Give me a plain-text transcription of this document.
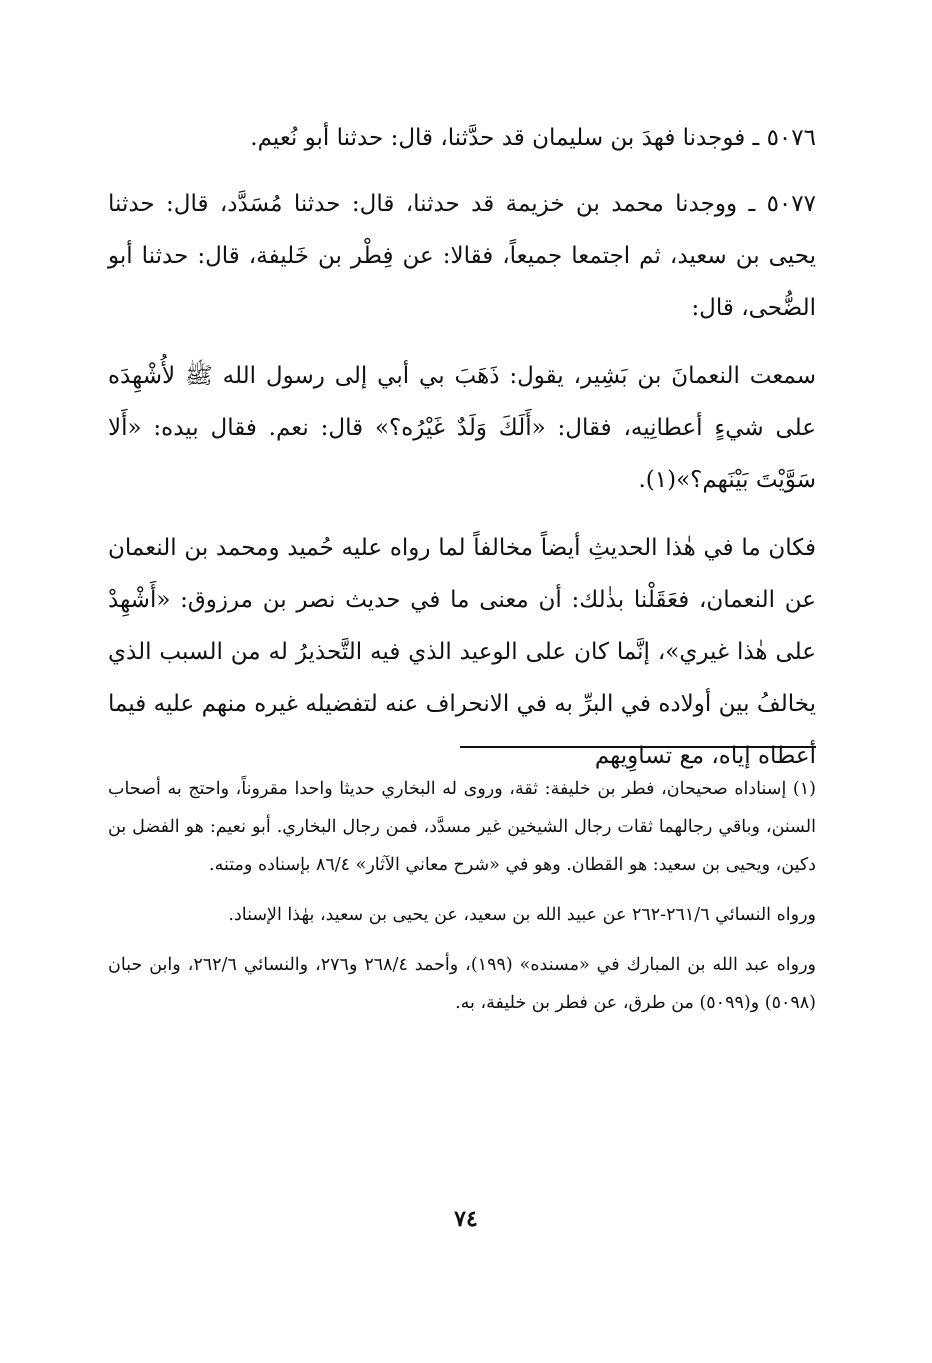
٥٠٧٦ ـ فوجدنا فهدَ بن سليمان قد حدَّثنا، قال: حدثنا أبو نُعيم.

٥٠٧٧ ـ ووجدنا محمد بن خزيمة قد حدثنا، قال: حدثنا مُسَدَّد، قال: حدثنا يحيى بن سعيد، ثم اجتمعا جميعاً، فقالا: عن فِطْر بن خَليفة، قال: حدثنا أبو الضُّحى، قال:

سمعت النعمانَ بن بَشِير، يقول: ذَهَبَ بي أبي إلى رسول الله ﷺ لأُشْهِدَه على شيءٍ أعطانِيه، فقال: «أَلَكَ وَلَدٌ غَيْرُه؟» قال: نعم. فقال بيده: «أَلا سَوَّيْتَ بَيْنَهم؟»(١).

فكان ما في هٰذا الحديثِ أيضاً مخالفاً لما رواه عليه حُميد ومحمد بن النعمان عن النعمان، فعَقَلْنا بذٰلك: أن معنى ما في حديث نصر بن مرزوق: «أَشْهِدْ على هٰذا غيري»، إنَّما كان على الوعيد الذي فيه التَّحذيرُ له من السبب الذي يخالفُ بين أولاده في البرِّ به في الانحراف عنه لتفضيله غيره منهم عليه فيما أعطاه إياه، مع تساوِيهم

(١) إسناداه صحيحان، فطر بن خليفة: ثقة، وروى له البخاري حديثا واحدا مقروناً، واحتج به أصحاب السنن، وباقي رجالهما ثقات رجال الشيخين غير مسدَّد، فمن رجال البخاري. أبو نعيم: هو الفضل بن دكين، ويحيى بن سعيد: هو القطان. وهو في «شرح معاني الآثار» ٨٦/٤ بإسناده ومتنه.

ورواه النسائي ٢٦١/٦-٢٦٢ عن عبيد الله بن سعيد، عن يحيى بن سعيد، بهٰذا الإسناد.

ورواه عبد الله بن المبارك في «مسنده» (١٩٩)، وأحمد ٢٦٨/٤ و٢٧٦، والنسائي ٢٦٢/٦، وابن حبان (٥٠٩٨) و(٥٠٩٩) من طرق، عن فطر بن خليفة، به.

٧٤
